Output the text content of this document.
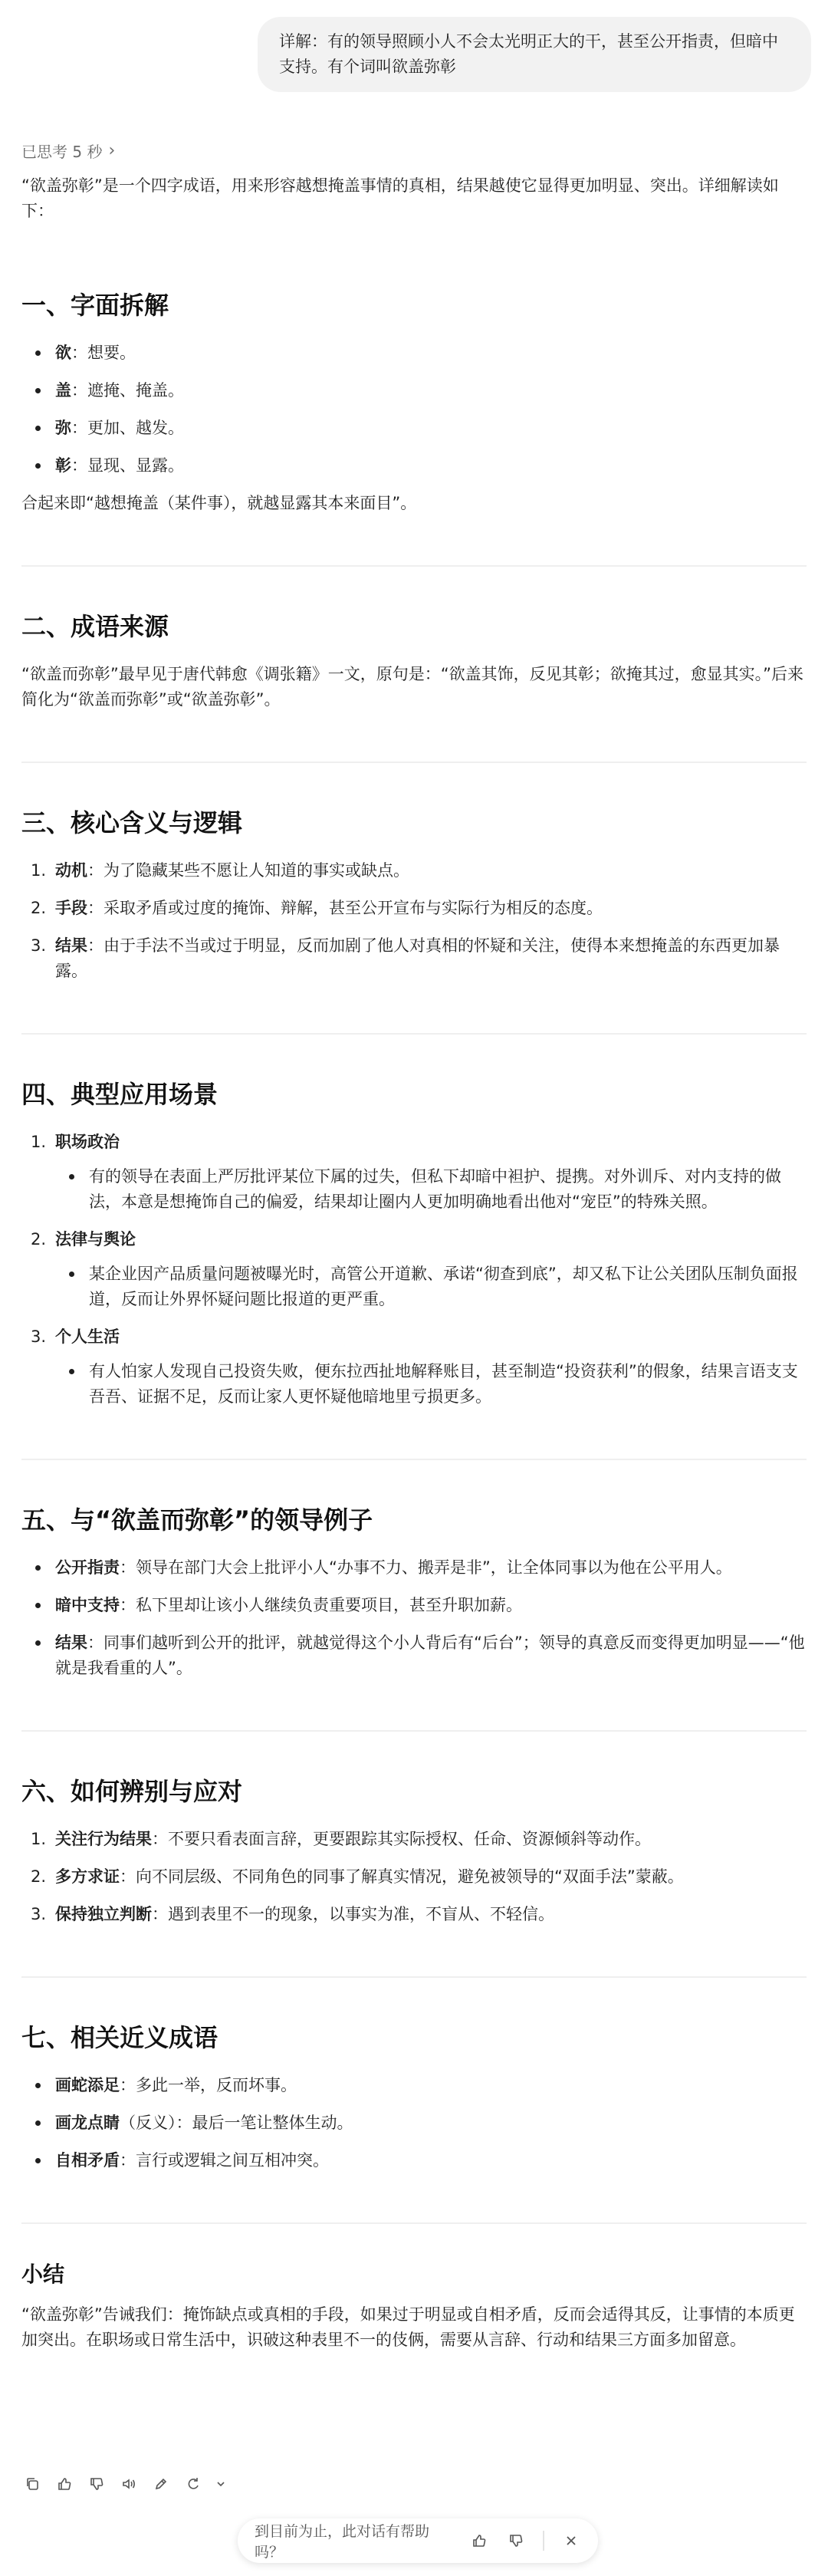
详解：有的领导照顾小人不会太光明正大的干，甚至公开指责，但暗中支持。有个词叫欲盖弥彰
已思考 5 秒 ›

“欲盖弥彰”是一个四字成语，用来形容越想掩盖事情的真相，结果越使它显得更加明显、突出。详细解读如下：

一、字面拆解
欲：想要。
盖：遮掩、掩盖。
弥：更加、越发。
彰：显现、显露。

合起来即“越想掩盖（某件事），就越显露其本来面目”。

二、成语来源

“欲盖而弥彰”最早见于唐代韩愈《调张籍》一文，原句是：“欲盖其饰，反见其彰；欲掩其过，愈显其实。”后来简化为“欲盖而弥彰”或“欲盖弥彰”。

三、核心含义与逻辑
1. 动机：为了隐藏某些不愿让人知道的事实或缺点。
2. 手段：采取矛盾或过度的掩饰、辩解，甚至公开宣布与实际行为相反的态度。
3. 结果：由于手法不当或过于明显，反而加剧了他人对真相的怀疑和关注，使得本来想掩盖的东西更加暴露。
四、典型应用场景
1. 职场政治
有的领导在表面上严厉批评某位下属的过失，但私下却暗中袒护、提携。对外训斥、对内支持的做法，本意是想掩饰自己的偏爱，结果却让圈内人更加明确地看出他对“宠臣”的特殊关照。
2. 法律与舆论
某企业因产品质量问题被曝光时，高管公开道歉、承诺“彻查到底”，却又私下让公关团队压制负面报道，反而让外界怀疑问题比报道的更严重。
3. 个人生活
有人怕家人发现自己投资失败，便东拉西扯地解释账目，甚至制造“投资获利”的假象，结果言语支支吾吾、证据不足，反而让家人更怀疑他暗地里亏损更多。
五、与“欲盖而弥彰”的领导例子
公开指责：领导在部门大会上批评小人“办事不力、搬弄是非”，让全体同事以为他在公平用人。
暗中支持：私下里却让该小人继续负责重要项目，甚至升职加薪。
结果：同事们越听到公开的批评，就越觉得这个小人背后有“后台”；领导的真意反而变得更加明显——“他就是我看重的人”。
六、如何辨别与应对
1. 关注行为结果：不要只看表面言辞，更要跟踪其实际授权、任命、资源倾斜等动作。
2. 多方求证：向不同层级、不同角色的同事了解真实情况，避免被领导的“双面手法”蒙蔽。
3. 保持独立判断：遇到表里不一的现象，以事实为准，不盲从、不轻信。
七、相关近义成语
画蛇添足：多此一举，反而坏事。
画龙点睛（反义）：最后一笔让整体生动。
自相矛盾：言行或逻辑之间互相冲突。
小结

“欲盖弥彰”告诫我们：掩饰缺点或真相的手段，如果过于明显或自相矛盾，反而会适得其反，让事情的本质更加突出。在职场或日常生活中，识破这种表里不一的伎俩，需要从言辞、行动和结果三方面多加留意。

到目前为止，此对话有帮助吗？
